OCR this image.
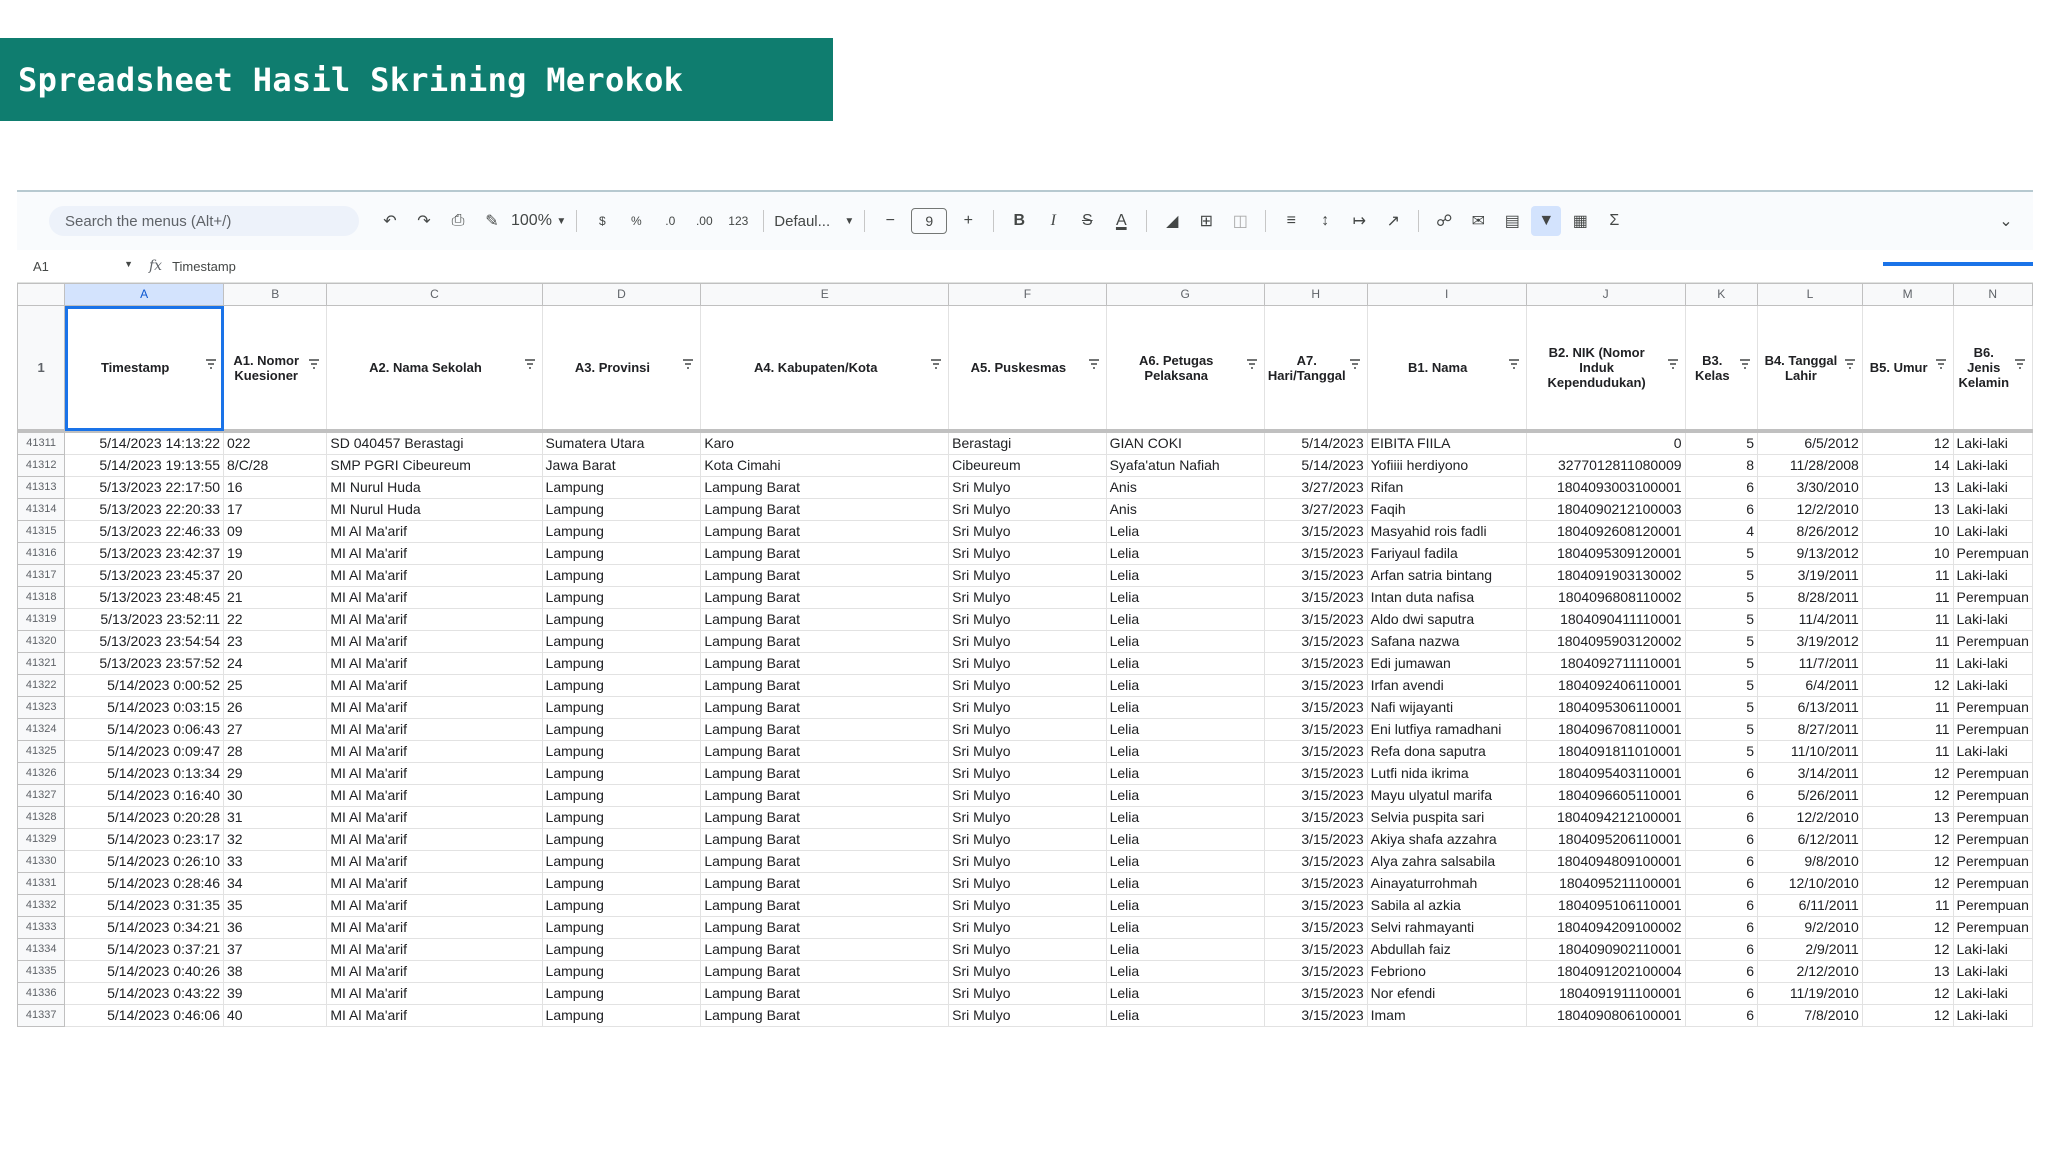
Spreadsheet Hasil Skrining Merokok
Search the menus (Alt+/)	↶	↷	⎙	✎ 100%
▼	$	%	.0	.00	123	Defaul... ▼	−	9	+	B	I	S	A	◢	⊞	◫	≡	↕	↦	↗	☍	✉	▤	▼	▦	Σ	⌄
A1	▼ fx Timestamp
	A	B	C	D	E	F	G	H	I	J	K	L	M	N
1	Timestamp	A1. Nomor Kuesioner	A2. Nama Sekolah	A3. Provinsi	A4. Kabupaten/Kota	A5. Puskesmas	A6. Petugas Pelaksana	A7. Hari/Tanggal	B1. Nama	B2. NIK (Nomor Induk Kependudukan)	B3. Kelas	B4. Tanggal Lahir	B5. Umur	B6. Jenis Kelamin

41311	5/14/2023 14:13:22	022	SD 040457 Berastagi	Sumatera Utara	Karo	Berastagi	GIAN COKI	5/14/2023	EIBITA FIILA	0	5	6/5/2012	12	Laki-laki
41312	5/14/2023 19:13:55	8/C/28	SMP PGRI Cibeureum	Jawa Barat	Kota Cimahi	Cibeureum	Syafa'atun Nafiah	5/14/2023	Yofiiii herdiyono	3277012811080009	8	11/28/2008	14	Laki-laki
41313	5/13/2023 22:17:50	16	MI Nurul Huda	Lampung	Lampung Barat	Sri Mulyo	Anis	3/27/2023	Rifan	1804093003100001	6	3/30/2010	13	Laki-laki
41314	5/13/2023 22:20:33	17	MI Nurul Huda	Lampung	Lampung Barat	Sri Mulyo	Anis	3/27/2023	Faqih	1804090212100003	6	12/2/2010	13	Laki-laki
41315	5/13/2023 22:46:33	09	MI Al Ma'arif	Lampung	Lampung Barat	Sri Mulyo	Lelia	3/15/2023	Masyahid rois fadli	1804092608120001	4	8/26/2012	10	Laki-laki
41316	5/13/2023 23:42:37	19	MI Al Ma'arif	Lampung	Lampung Barat	Sri Mulyo	Lelia	3/15/2023	Fariyaul fadila	1804095309120001	5	9/13/2012	10	Perempuan
41317	5/13/2023 23:45:37	20	MI Al Ma'arif	Lampung	Lampung Barat	Sri Mulyo	Lelia	3/15/2023	Arfan satria bintang	1804091903130002	5	3/19/2011	11	Laki-laki
41318	5/13/2023 23:48:45	21	MI Al Ma'arif	Lampung	Lampung Barat	Sri Mulyo	Lelia	3/15/2023	Intan duta nafisa	1804096808110002	5	8/28/2011	11	Perempuan
41319	5/13/2023 23:52:11	22	MI Al Ma'arif	Lampung	Lampung Barat	Sri Mulyo	Lelia	3/15/2023	Aldo dwi saputra	1804090411110001	5	11/4/2011	11	Laki-laki
41320	5/13/2023 23:54:54	23	MI Al Ma'arif	Lampung	Lampung Barat	Sri Mulyo	Lelia	3/15/2023	Safana nazwa	1804095903120002	5	3/19/2012	11	Perempuan
41321	5/13/2023 23:57:52	24	MI Al Ma'arif	Lampung	Lampung Barat	Sri Mulyo	Lelia	3/15/2023	Edi jumawan	1804092711110001	5	11/7/2011	11	Laki-laki
41322	5/14/2023 0:00:52	25	MI Al Ma'arif	Lampung	Lampung Barat	Sri Mulyo	Lelia	3/15/2023	Irfan avendi	1804092406110001	5	6/4/2011	12	Laki-laki
41323	5/14/2023 0:03:15	26	MI Al Ma'arif	Lampung	Lampung Barat	Sri Mulyo	Lelia	3/15/2023	Nafi wijayanti	1804095306110001	5	6/13/2011	11	Perempuan
41324	5/14/2023 0:06:43	27	MI Al Ma'arif	Lampung	Lampung Barat	Sri Mulyo	Lelia	3/15/2023	Eni lutfiya ramadhani	1804096708110001	5	8/27/2011	11	Perempuan
41325	5/14/2023 0:09:47	28	MI Al Ma'arif	Lampung	Lampung Barat	Sri Mulyo	Lelia	3/15/2023	Refa dona saputra	1804091811010001	5	11/10/2011	11	Laki-laki
41326	5/14/2023 0:13:34	29	MI Al Ma'arif	Lampung	Lampung Barat	Sri Mulyo	Lelia	3/15/2023	Lutfi nida ikrima	1804095403110001	6	3/14/2011	12	Perempuan
41327	5/14/2023 0:16:40	30	MI Al Ma'arif	Lampung	Lampung Barat	Sri Mulyo	Lelia	3/15/2023	Mayu ulyatul marifa	1804096605110001	6	5/26/2011	12	Perempuan
41328	5/14/2023 0:20:28	31	MI Al Ma'arif	Lampung	Lampung Barat	Sri Mulyo	Lelia	3/15/2023	Selvia puspita sari	1804094212100001	6	12/2/2010	13	Perempuan
41329	5/14/2023 0:23:17	32	MI Al Ma'arif	Lampung	Lampung Barat	Sri Mulyo	Lelia	3/15/2023	Akiya shafa azzahra	1804095206110001	6	6/12/2011	12	Perempuan
41330	5/14/2023 0:26:10	33	MI Al Ma'arif	Lampung	Lampung Barat	Sri Mulyo	Lelia	3/15/2023	Alya zahra salsabila	1804094809100001	6	9/8/2010	12	Perempuan
41331	5/14/2023 0:28:46	34	MI Al Ma'arif	Lampung	Lampung Barat	Sri Mulyo	Lelia	3/15/2023	Ainayaturrohmah	1804095211100001	6	12/10/2010	12	Perempuan
41332	5/14/2023 0:31:35	35	MI Al Ma'arif	Lampung	Lampung Barat	Sri Mulyo	Lelia	3/15/2023	Sabila al azkia	1804095106110001	6	6/11/2011	11	Perempuan
41333	5/14/2023 0:34:21	36	MI Al Ma'arif	Lampung	Lampung Barat	Sri Mulyo	Lelia	3/15/2023	Selvi rahmayanti	1804094209100002	6	9/2/2010	12	Perempuan
41334	5/14/2023 0:37:21	37	MI Al Ma'arif	Lampung	Lampung Barat	Sri Mulyo	Lelia	3/15/2023	Abdullah faiz	1804090902110001	6	2/9/2011	12	Laki-laki
41335	5/14/2023 0:40:26	38	MI Al Ma'arif	Lampung	Lampung Barat	Sri Mulyo	Lelia	3/15/2023	Febriono	1804091202100004	6	2/12/2010	13	Laki-laki
41336	5/14/2023 0:43:22	39	MI Al Ma'arif	Lampung	Lampung Barat	Sri Mulyo	Lelia	3/15/2023	Nor efendi	1804091911100001	6	11/19/2010	12	Laki-laki
41337	5/14/2023 0:46:06	40	MI Al Ma'arif	Lampung	Lampung Barat	Sri Mulyo	Lelia	3/15/2023	Imam	1804090806100001	6	7/8/2010	12	Laki-laki
